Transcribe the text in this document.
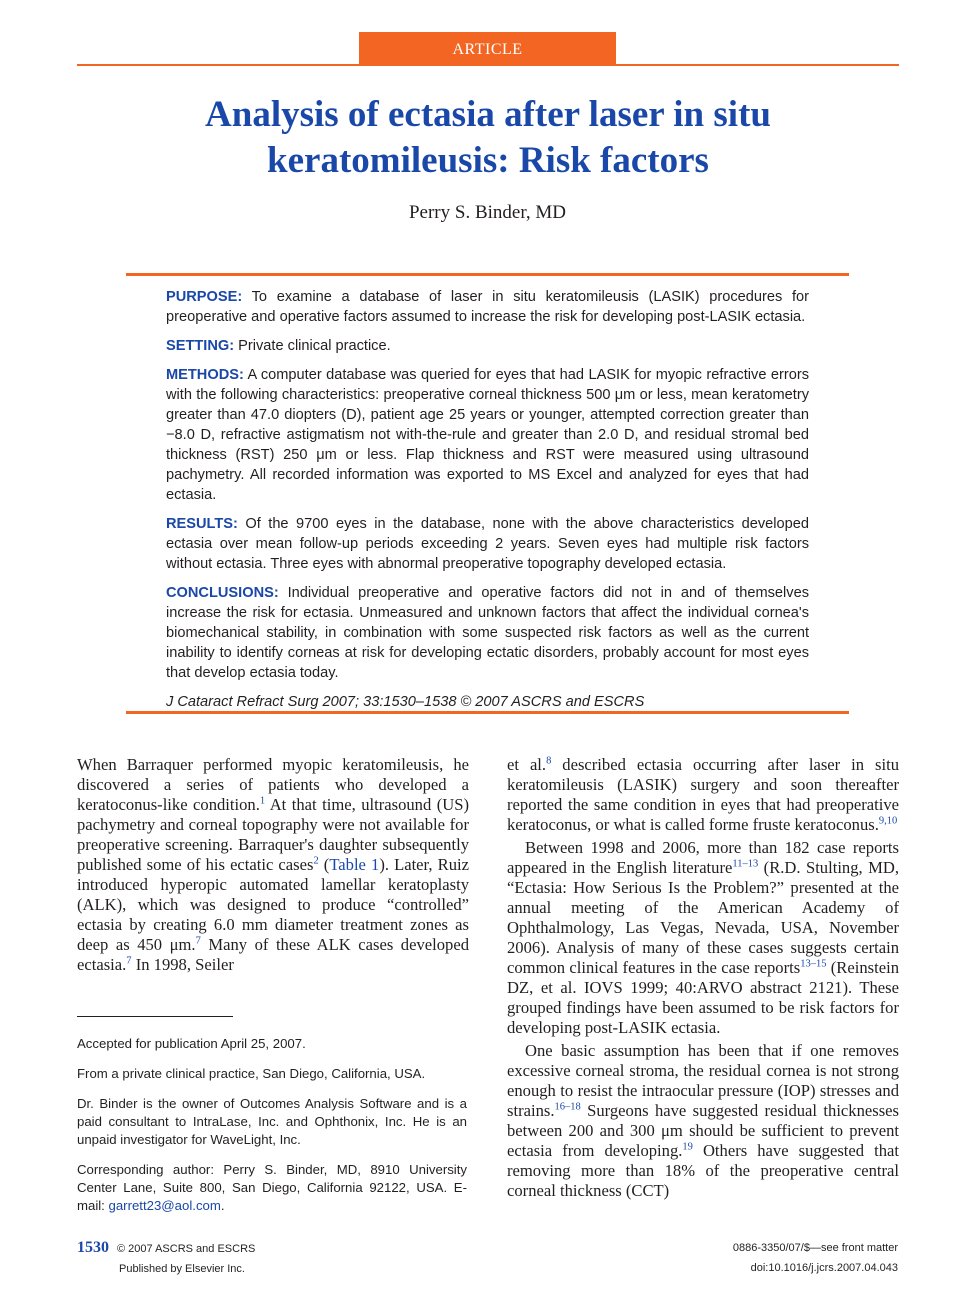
ARTICLE
Analysis of ectasia after laser in situ keratomileusis: Risk factors
Perry S. Binder, MD

PURPOSE: To examine a database of laser in situ keratomileusis (LASIK) procedures for preoperative and operative factors assumed to increase the risk for developing post-LASIK ectasia.

SETTING: Private clinical practice.

METHODS: A computer database was queried for eyes that had LASIK for myopic refractive errors with the following characteristics: preoperative corneal thickness 500 μm or less, mean keratometry greater than 47.0 diopters (D), patient age 25 years or younger, attempted correction greater than −8.0 D, refractive astigmatism not with-the-rule and greater than 2.0 D, and residual stromal bed thickness (RST) 250 μm or less. Flap thickness and RST were measured using ultrasound pachymetry. All recorded information was exported to MS Excel and analyzed for eyes that had ectasia.

RESULTS: Of the 9700 eyes in the database, none with the above characteristics developed ectasia over mean follow-up periods exceeding 2 years. Seven eyes had multiple risk factors without ectasia. Three eyes with abnormal preoperative topography developed ectasia.

CONCLUSIONS: Individual preoperative and operative factors did not in and of themselves increase the risk for ectasia. Unmeasured and unknown factors that affect the individual cornea's biomechanical stability, in combination with some suspected risk factors as well as the current inability to identify corneas at risk for developing ectatic disorders, probably account for most eyes that develop ectasia today.

J Cataract Refract Surg 2007; 33:1530–1538 © 2007 ASCRS and ESCRS

When Barraquer performed myopic keratomileusis, he discovered a series of patients who developed a keratoconus-like condition.$^1$ At that time, ultrasound (US) pachymetry and corneal topography were not available for preoperative screening. Barraquer's daughter subsequently published some of his ectatic cases$^2$ (Table 1). Later, Ruiz introduced hyperopic automated lamellar keratoplasty (ALK), which was designed to produce “controlled” ectasia by creating 6.0 mm diameter treatment zones as deep as 450 μm.$^7$ Many of these ALK cases developed ectasia.$^7$ In 1998, Seiler

Accepted for publication April 25, 2007.

From a private clinical practice, San Diego, California, USA.

Dr. Binder is the owner of Outcomes Analysis Software and is a paid consultant to IntraLase, Inc. and Ophthonix, Inc. He is an unpaid investigator for WaveLight, Inc.

Corresponding author: Perry S. Binder, MD, 8910 University Center Lane, Suite 800, San Diego, California 92122, USA. E-mail: garrett23@aol.com.

et al.$^8$ described ectasia occurring after laser in situ keratomileusis (LASIK) surgery and soon thereafter reported the same condition in eyes that had preoperative keratoconus, or what is called forme fruste keratoconus.$^{9,10}$

Between 1998 and 2006, more than 182 case reports appeared in the English literature$^{11-13}$ (R.D. Stulting, MD, “Ectasia: How Serious Is the Problem?” presented at the annual meeting of the American Academy of Ophthalmology, Las Vegas, Nevada, USA, November 2006). Analysis of many of these cases suggests certain common clinical features in the case reports$^{13-15}$ (Reinstein DZ, et al. IOVS 1999; 40:ARVO abstract 2121). These grouped findings have been assumed to be risk factors for developing post-LASIK ectasia.

One basic assumption has been that if one removes excessive corneal stroma, the residual cornea is not strong enough to resist the intraocular pressure (IOP) stresses and strains.$^{16-18}$ Surgeons have suggested residual thicknesses between 200 and 300 μm should be sufficient to prevent ectasia from developing.$^{19}$ Others have suggested that removing more than 18% of the preoperative central corneal thickness (CCT)

1530 © 2007 ASCRS and ESCRS
Published by Elsevier Inc.
0886-3350/07/$—see front matter
doi:10.1016/j.jcrs.2007.04.043
